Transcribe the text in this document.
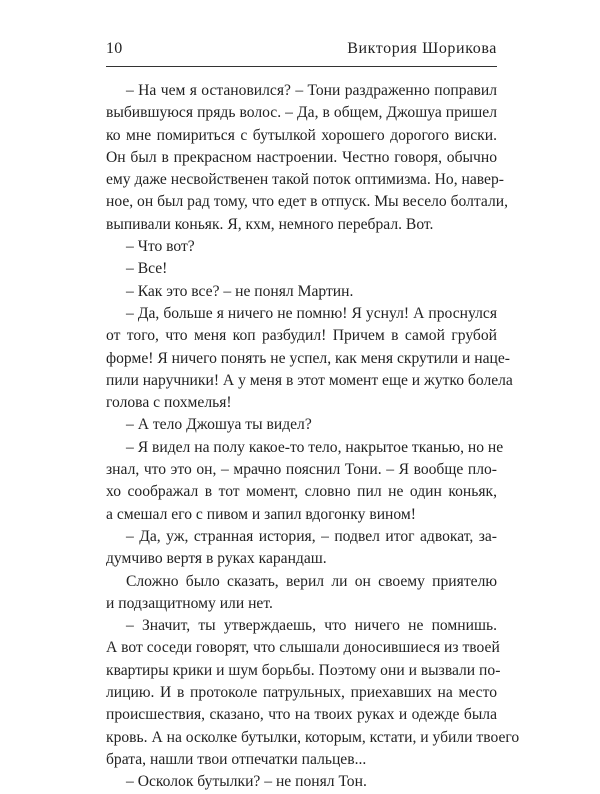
10	Виктория Шорикова
– На чем я остановился? – Тони раздраженно поправил
выбившуюся прядь волос. – Да, в общем, Джошуа пришел
ко мне помириться с бутылкой хорошего дорогого виски.
Он был в прекрасном настроении. Честно говоря, обычно
ему даже несвойственен такой поток оптимизма. Но, навер-
ное, он был рад тому, что едет в отпуск. Мы весело болтали,
выпивали коньяк. Я, кхм, немного перебрал. Вот.
– Что вот?
– Все!
– Как это все? – не понял Мартин.
– Да, больше я ничего не помню! Я уснул! А проснулся
от того, что меня коп разбудил! Причем в самой грубой
форме! Я ничего понять не успел, как меня скрутили и наце-
пили наручники! А у меня в этот момент еще и жутко болела
голова с похмелья!
– А тело Джошуа ты видел?
– Я видел на полу какое-то тело, накрытое тканью, но не
знал, что это он, – мрачно пояснил Тони. – Я вообще пло-
хо соображал в тот момент, словно пил не один коньяк,
а смешал его с пивом и запил вдогонку вином!
– Да, уж, странная история, – подвел итог адвокат, за-
думчиво вертя в руках карандаш.
Сложно было сказать, верил ли он своему приятелю
и подзащитному или нет.
– Значит, ты утверждаешь, что ничего не помнишь.
А вот соседи говорят, что слышали доносившиеся из твоей
квартиры крики и шум борьбы. Поэтому они и вызвали по-
лицию. И в протоколе патрульных, приехавших на место
происшествия, сказано, что на твоих руках и одежде была
кровь. А на осколке бутылки, которым, кстати, и убили твоего
брата, нашли твои отпечатки пальцев...
– Осколок бутылки? – не понял Тон.
